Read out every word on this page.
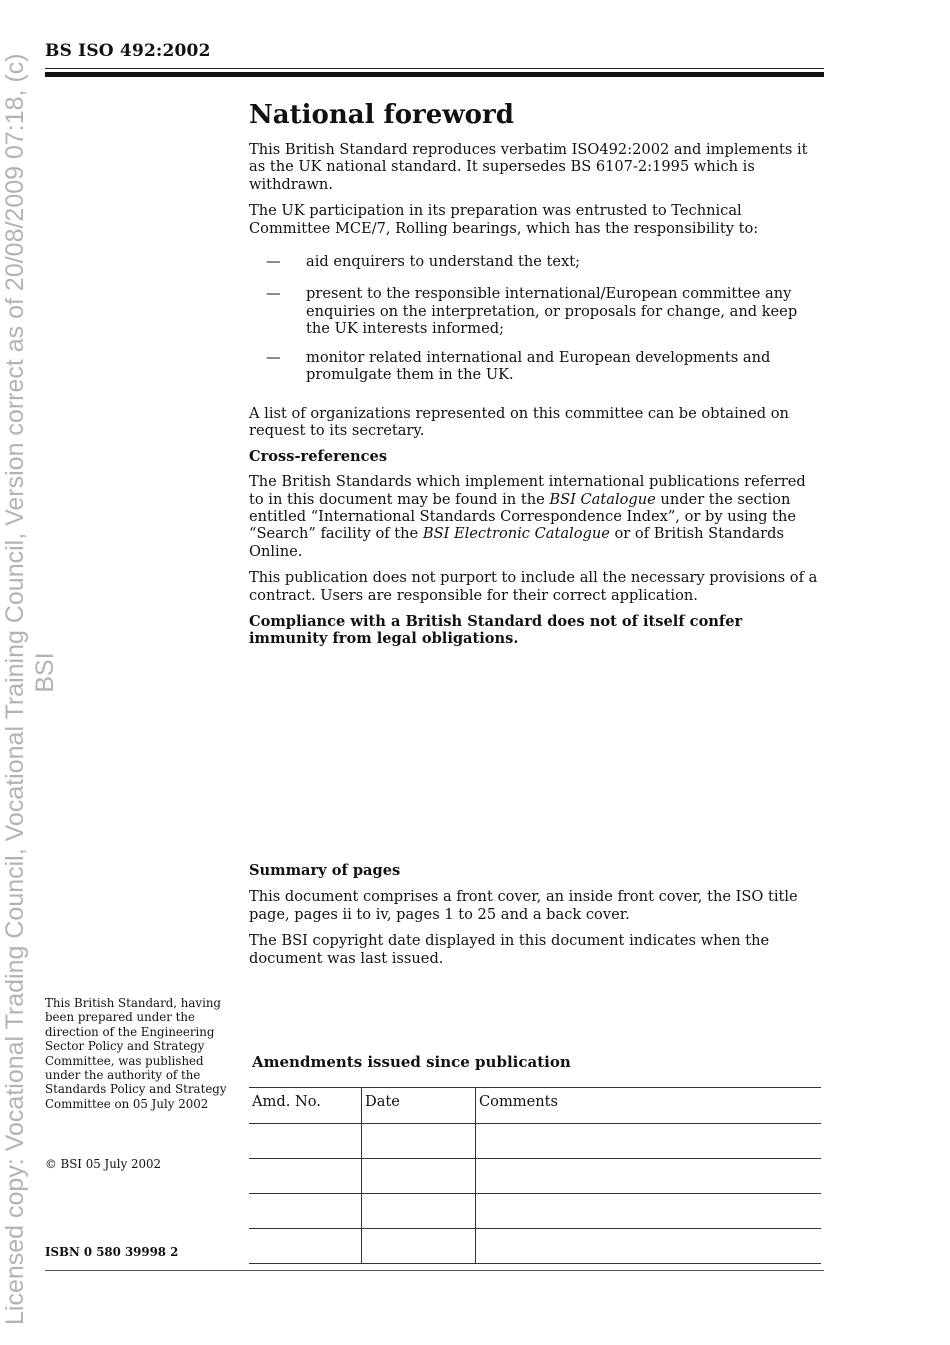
Licensed copy: Vocational Trading Council, Vocational Training Council, Version correct as of 20/08/2009 07:18, (c) BSI
BS ISO 492:2002
National foreword

This British Standard reproduces verbatim ISO492:2002 and implements it as the UK national standard. It supersedes BS 6107-2:1995 which is withdrawn.

The UK participation in its preparation was entrusted to Technical Committee MCE/7, Rolling bearings, which has the responsibility to:

— aid enquirers to understand the text;
— present to the responsible international/European committee any enquiries on the interpretation, or proposals for change, and keep the UK interests informed;
— monitor related international and European developments and promulgate them in the UK.

A list of organizations represented on this committee can be obtained on request to its secretary.

Cross-references

The British Standards which implement international publications referred to in this document may be found in the BSI Catalogue under the section entitled “International Standards Correspondence Index”, or by using the “Search” facility of the BSI Electronic Catalogue or of British Standards Online.

This publication does not purport to include all the necessary provisions of a contract. Users are responsible for their correct application.

Compliance with a British Standard does not of itself confer immunity from legal obligations.

Summary of pages

This document comprises a front cover, an inside front cover, the ISO title page, pages ii to iv, pages 1 to 25 and a back cover.

The BSI copyright date displayed in this document indicates when the document was last issued.

This British Standard, having been prepared under the direction of the Engineering Sector Policy and Strategy Committee, was published under the authority of the Standards Policy and Strategy Committee on 05 July 2002
© BSI 05 July 2002
ISBN 0 580 39998 2
Amendments issued since publication
Amd. No.	Date	Comments
